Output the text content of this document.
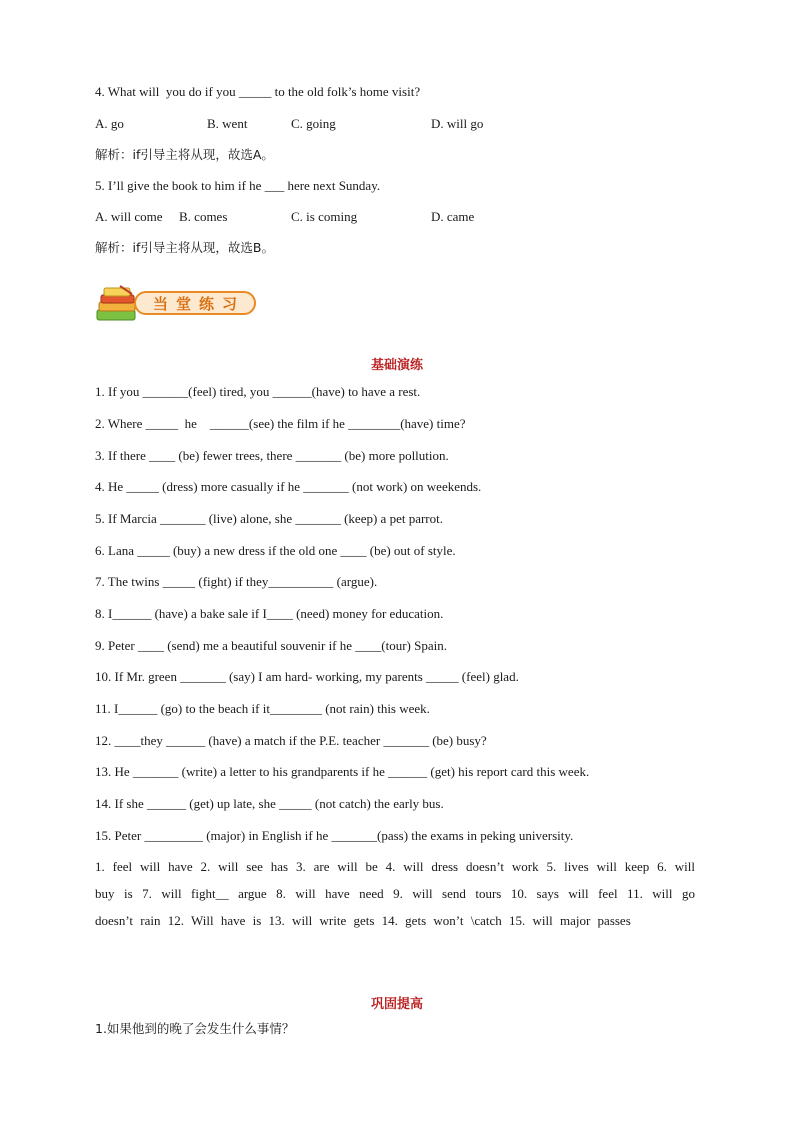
4. What will  you do if you _____ to the old folk’s home visit?
A. go	B. went	C. going	D. will go
解析：if引导主将从现，故选A。
5. I’ll give the book to him if he ___ here next Sunday.
A. will come B. comes	C. is coming	D. came
解析：if引导主将从现，故选B。
当堂练习
基础演练
1. If you _______(feel) tired, you ______(have) to have a rest.
2. Where _____  he    ______(see) the film if he ________(have) time?
3. If there ____ (be) fewer trees, there _______ (be) more pollution.
4. He _____ (dress) more casually if he _______ (not work) on weekends.
5. If Marcia _______ (live) alone, she _______ (keep) a pet parrot.
6. Lana _____ (buy) a new dress if the old one ____ (be) out of style.
7. The twins _____ (fight) if they__________ (argue).
8. I______ (have) a bake sale if I____ (need) money for education.
9. Peter ____ (send) me a beautiful souvenir if he ____(tour) Spain.
10. If Mr. green _______ (say) I am hard- working, my parents _____ (feel) glad.
11. I______ (go) to the beach if it________ (not rain) this week.
12. ____they ______ (have) a match if the P.E. teacher _______ (be) busy?
13. He _______ (write) a letter to his grandparents if he ______ (get) his report card this week.
14. If she ______ (get) up late, she _____ (not catch) the early bus.
15. Peter _________ (major) in English if he _______(pass) the exams in peking university.
1. feel will have 2. will see has 3. are will be 4. will dress doesn’t work 5. lives will keep 6. will buy is 7. will fight__ argue 8. will have need 9. will send tours 10. says will feel 11. will go doesn’t rain 12. Will have is 13. will write gets 14. gets won’t \catch 15. will major passes
巩固提高
1.如果他到的晚了会发生什么事情？
